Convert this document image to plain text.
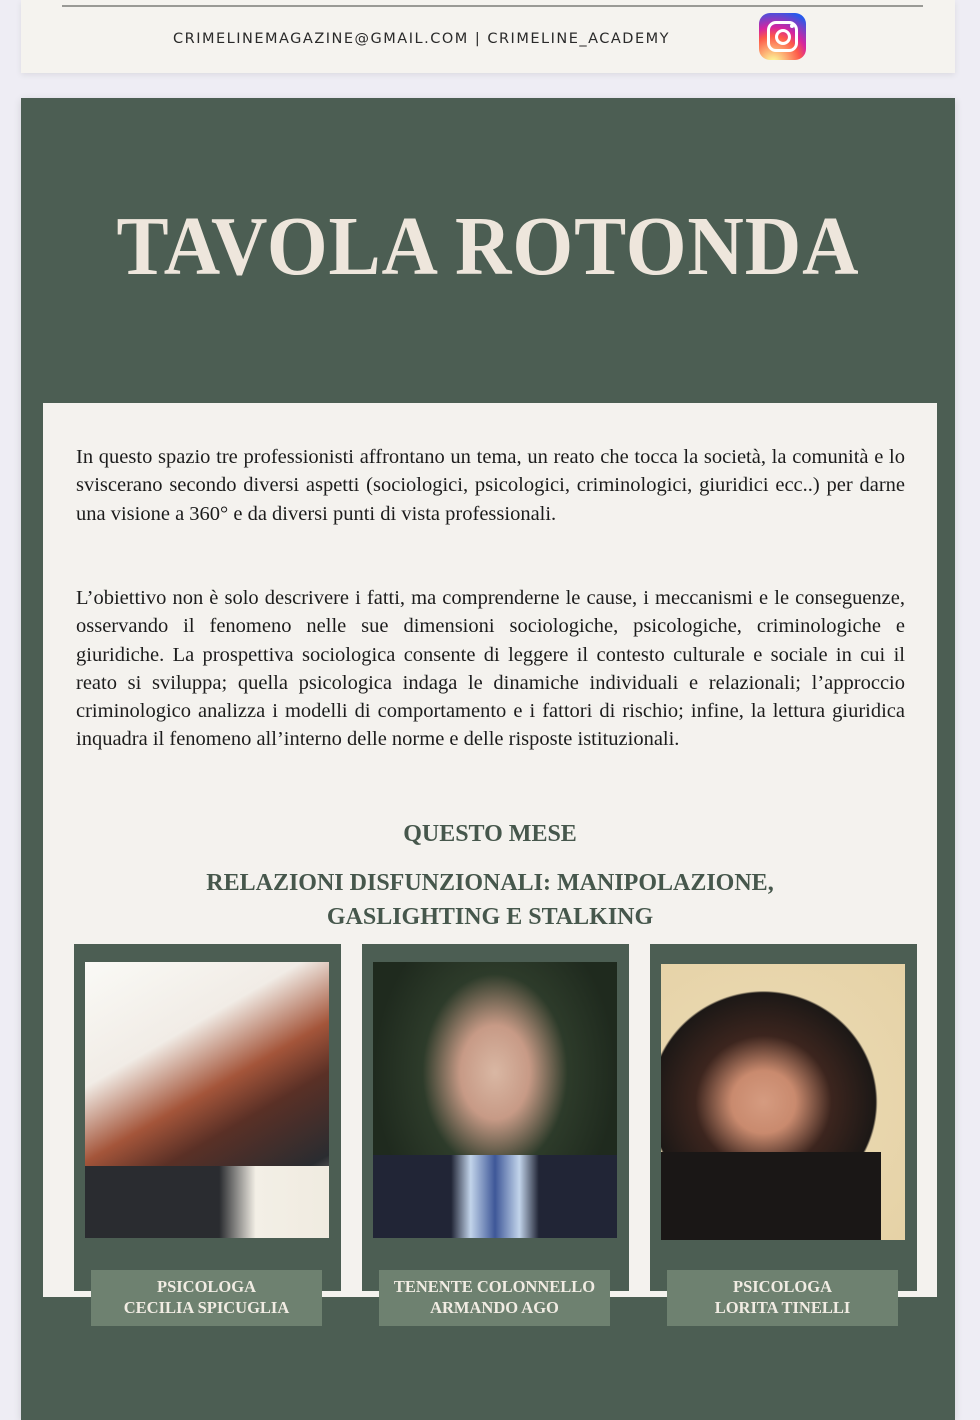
CRIMELINEMAGAZINE@GMAIL.COM | CRIMELINE_ACADEMY
TAVOLA ROTONDA

In questo spazio tre professionisti affrontano un tema, un reato che tocca la società, la comunità e lo sviscerano secondo diversi aspetti (sociologici, psicologici, criminologici, giuridici ecc..) per darne una visione a 360° e da diversi punti di vista professionali.

L’obiettivo non è solo descrivere i fatti, ma comprenderne le cause, i meccanismi e le conseguenze, osservando il fenomeno nelle sue dimensioni sociologiche, psicologiche, criminologiche e giuridiche. La prospettiva sociologica consente di leggere il contesto culturale e sociale in cui il reato si sviluppa; quella psicologica indaga le dinamiche individuali e relazionali; l’approccio criminologico analizza i modelli di comportamento e i fattori di rischio; infine, la lettura giuridica inquadra il fenomeno all’interno delle norme e delle risposte istituzionali.

QUESTO MESE
RELAZIONI DISFUNZIONALI: MANIPOLAZIONE,
GASLIGHTING E STALKING
PSICOLOGA
CECILIA SPICUGLIA
TENENTE COLONNELLO
ARMANDO AGO
PSICOLOGA
LORITA TINELLI
